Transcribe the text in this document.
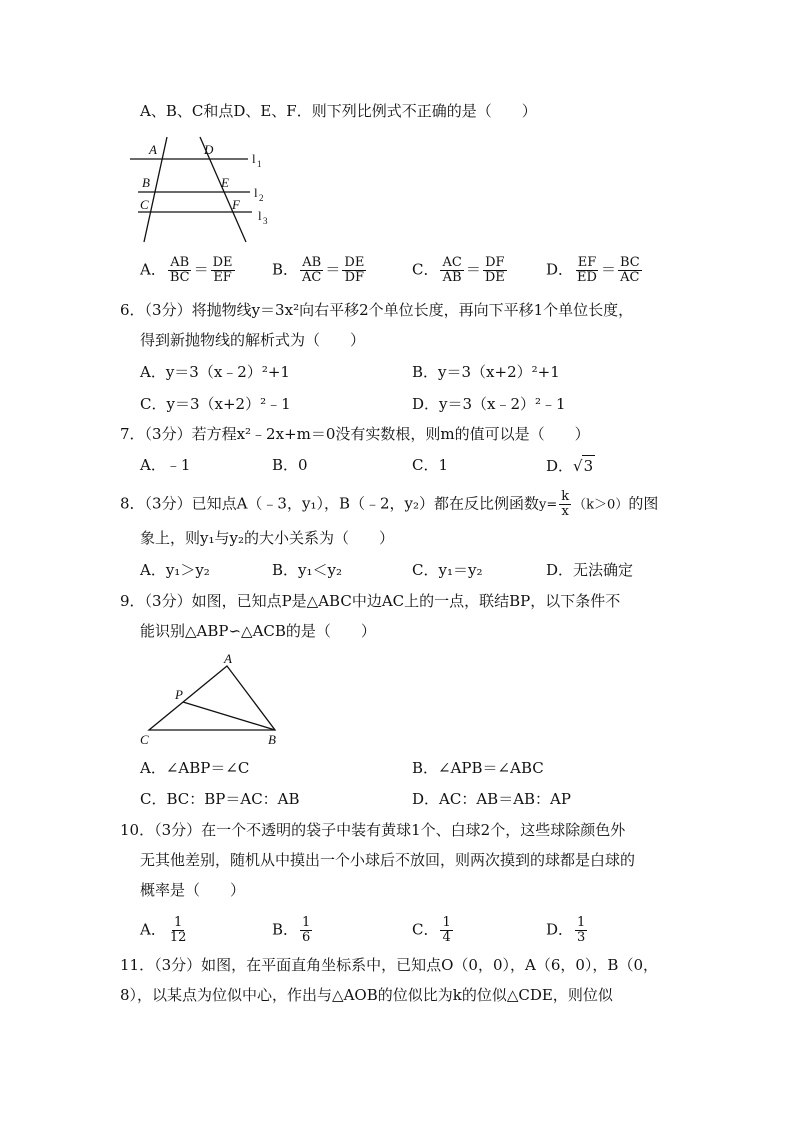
A、B、C和点D、E、F．则下列比例式不正确的是（　　）
A	D
B	E
C	F
l 1
l 2
l 3
A． $\frac{AB}{BC} = \frac{DE}{EF}$ B． $\frac{AB}{AC} = \frac{DE}{DF}$	C． $\frac{AC}{AB} = \frac{DF}{DE}$	D． $\frac{EF}{ED} = \frac{BC}{AC}$
6．（3分）将抛物线y＝3x²向右平移2个单位长度，再向下平移1个单位长度，
得到新抛物线的解析式为（　　）
A．y＝3（x﹣2）²+1	B．y＝3（x+2）²+1
C．y＝3（x+2）²﹣1	D．y＝3（x﹣2）²﹣1
7．（3分）若方程x²﹣2x+m＝0没有实数根，则m的值可以是（　　）
A．﹣1	B．0	C．1	D．√3
8．（3分）已知点A（﹣3，y₁），B（﹣2，y₂）都在反比例函数$y= \frac{k}{x} (k>0)$的图
象上，则y₁与y₂的大小关系为（　　）
A．y₁＞y₂	B．y₁＜y₂	C．y₁＝y₂	D．无法确定
9．（3分）如图，已知点P是△ABC中边AC上的一点，联结BP，以下条件不
能识别△ABP∽△ACB的是（　　）
A
P
C	B
A．∠ABP＝∠C	B．∠APB＝∠ABC
C．BC：BP＝AC：AB	D．AC：AB＝AB：AP
10．（3分）在一个不透明的袋子中装有黄球1个、白球2个，这些球除颜色外
无其他差别，随机从中摸出一个小球后不放回，则两次摸到的球都是白球的
概率是（　　）
A． $\frac{1}{12}$	B． $\frac{1}{6}$	C． $\frac{1}{4}$	D． $\frac{1}{3}$
11．（3分）如图，在平面直角坐标系中，已知点O（0，0），A（6，0），B（0，
8），以某点为位似中心，作出与△AOB的位似比为k的位似△CDE，则位似
